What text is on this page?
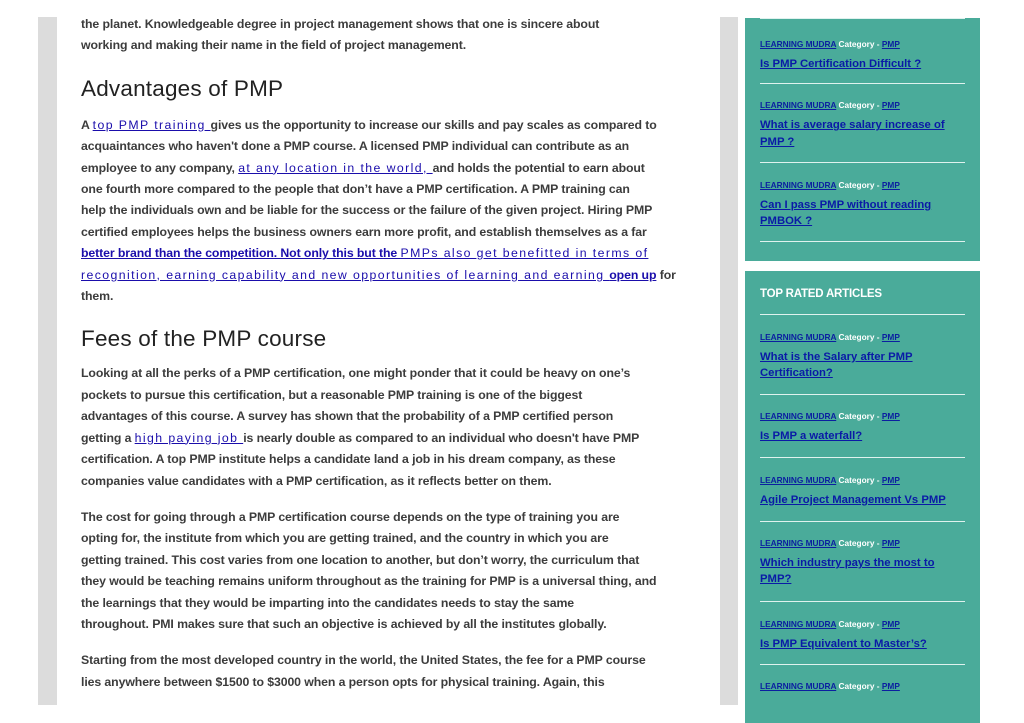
the planet. Knowledgeable degree in project management shows that one is sincere about

working and making their name in the field of project management.

Advantages of PMP

A top PMP training gives us the opportunity to increase our skills and pay scales as compared to

acquaintances who haven't done a PMP course. A licensed PMP individual can contribute as an

employee to any company, at any location in the world, and holds the potential to earn about

one fourth more compared to the people that don’t have a PMP certification. A PMP training can

help the individuals own and be liable for the success or the failure of the given project. Hiring PMP

certified employees helps the business owners earn more profit, and establish themselves as a far

better brand than the competition. Not only this but the PMPs also get benefitted in terms of

recognition, earning capability and new opportunities of learning and earning open up for

them.

Fees of the PMP course

Looking at all the perks of a PMP certification, one might ponder that it could be heavy on one’s

pockets to pursue this certification, but a reasonable PMP training is one of the biggest

advantages of this course. A survey has shown that the probability of a PMP certified person

getting a high paying job is nearly double as compared to an individual who doesn't have PMP

certification. A top PMP institute helps a candidate land a job in his dream company, as these

companies value candidates with a PMP certification, as it reflects better on them.

The cost for going through a PMP certification course depends on the type of training you are

opting for, the institute from which you are getting trained, and the country in which you are

getting trained. This cost varies from one location to another, but don’t worry, the curriculum that

they would be teaching remains uniform throughout as the training for PMP is a universal thing, and

the learnings that they would be imparting into the candidates needs to stay the same

throughout. PMI makes sure that such an objective is achieved by all the institutes globally.

Starting from the most developed country in the world, the United States, the fee for a PMP course

lies anywhere between $1500 to $3000 when a person opts for physical training. Again, this

LEARNING MUDRA Category - PMP
Is PMP Certification Difficult ?
LEARNING MUDRA Category - PMP
What is average salary increase of PMP ?
LEARNING MUDRA Category - PMP
Can I pass PMP without reading PMBOK ?
TOP RATED ARTICLES
LEARNING MUDRA Category - PMP
What is the Salary after PMP Certification?
LEARNING MUDRA Category - PMP
Is PMP a waterfall?
LEARNING MUDRA Category - PMP
Agile Project Management Vs PMP
LEARNING MUDRA Category - PMP
Which industry pays the most to PMP?
LEARNING MUDRA Category - PMP
Is PMP Equivalent to Master’s?
LEARNING MUDRA Category - PMP
